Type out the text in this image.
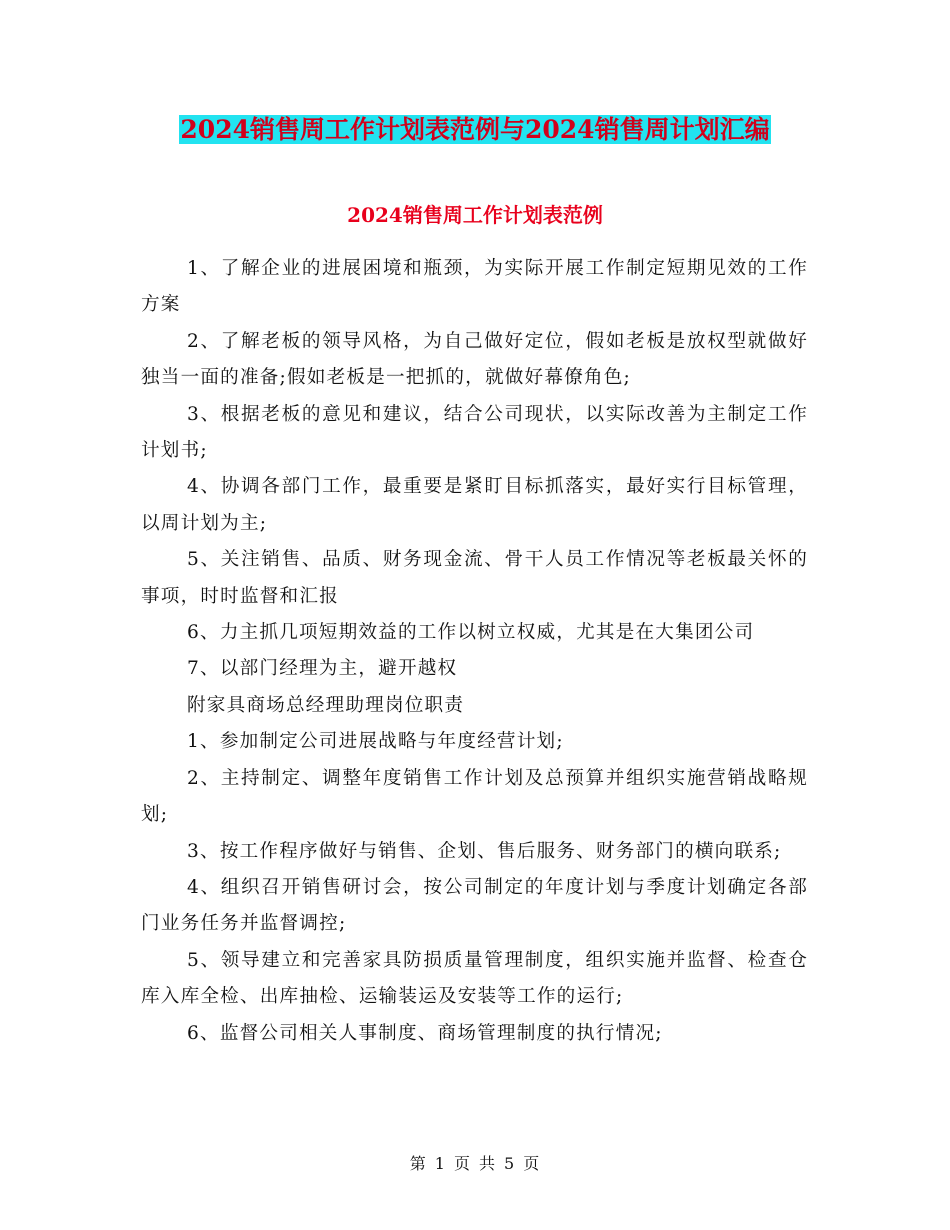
2024销售周工作计划表范例与2024销售周计划汇编
2024销售周工作计划表范例

1、了解企业的进展困境和瓶颈，为实际开展工作制定短期见效的工作方案

2、了解老板的领导风格，为自己做好定位，假如老板是放权型就做好独当一面的准备;假如老板是一把抓的，就做好幕僚角色;

3、根据老板的意见和建议，结合公司现状，以实际改善为主制定工作计划书;

4、协调各部门工作，最重要是紧盯目标抓落实，最好实行目标管理，以周计划为主;

5、关注销售、品质、财务现金流、骨干人员工作情况等老板最关怀的事项，时时监督和汇报

6、力主抓几项短期效益的工作以树立权威，尤其是在大集团公司

7、以部门经理为主，避开越权

附家具商场总经理助理岗位职责

1、参加制定公司进展战略与年度经营计划;

2、主持制定、调整年度销售工作计划及总预算并组织实施营销战略规划;

3、按工作程序做好与销售、企划、售后服务、财务部门的横向联系;

4、组织召开销售研讨会，按公司制定的年度计划与季度计划确定各部门业务任务并监督调控;

5、领导建立和完善家具防损质量管理制度，组织实施并监督、检查仓库入库全检、出库抽检、运输装运及安装等工作的运行;

6、监督公司相关人事制度、商场管理制度的执行情况;

第 1 页 共 5 页
